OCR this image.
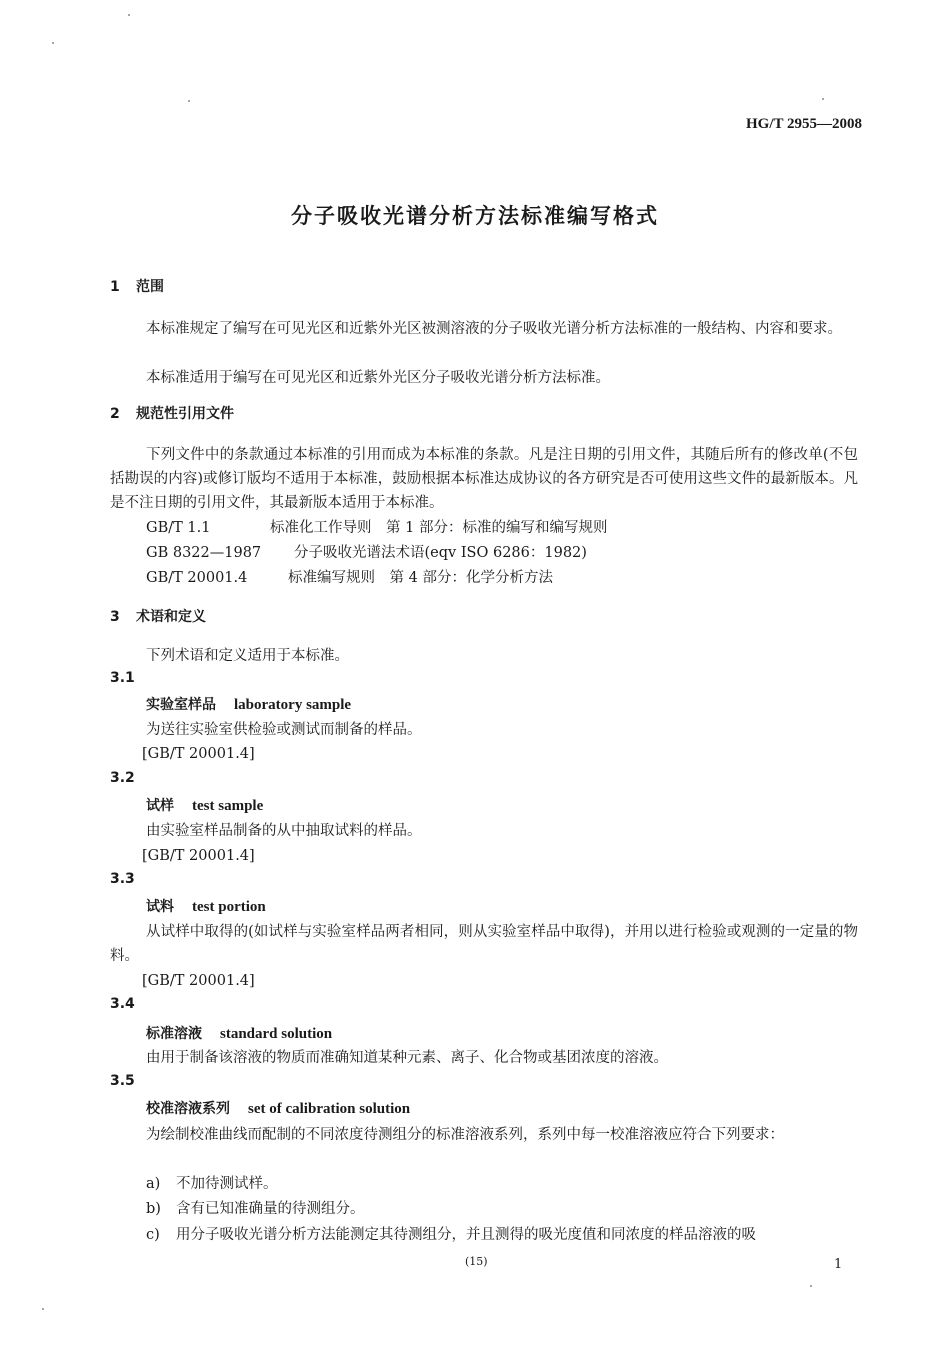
HG/T 2955—2008
分子吸收光谱分析方法标准编写格式
1 范围
本标准规定了编写在可见光区和近紫外光区被测溶液的分子吸收光谱分析方法标准的一般结构、内容和要求。
本标准适用于编写在可见光区和近紫外光区分子吸收光谱分析方法标准。
2 规范性引用文件
下列文件中的条款通过本标准的引用而成为本标准的条款。凡是注日期的引用文件，其随后所有的修改单(不包括勘误的内容)或修订版均不适用于本标准，鼓励根据本标准达成协议的各方研究是否可使用这些文件的最新版本。凡是不注日期的引用文件，其最新版本适用于本标准。
GB/T 1.1	标准化工作导则　第 1 部分：标准的编写和编写规则
GB 8322—1987 分子吸收光谱法术语(eqv ISO 6286：1982)
GB/T 20001.4	标准编写规则　第 4 部分：化学分析方法
3 术语和定义
下列术语和定义适用于本标准。
3.1
实验室样品 laboratory sample
为送往实验室供检验或测试而制备的样品。
[GB/T 20001.4]
3.2
试样 test sample
由实验室样品制备的从中抽取试料的样品。
[GB/T 20001.4]
3.3
试料 test portion
从试样中取得的(如试样与实验室样品两者相同，则从实验室样品中取得)，并用以进行检验或观测的一定量的物料。
[GB/T 20001.4]
3.4
标准溶液 standard solution
由用于制备该溶液的物质而准确知道某种元素、离子、化合物或基团浓度的溶液。
3.5
校准溶液系列 set of calibration solution
为绘制校准曲线而配制的不同浓度待测组分的标准溶液系列，系列中每一校准溶液应符合下列要求：
a) 不加待测试样。
b) 含有已知准确量的待测组分。
c) 用分子吸收光谱分析方法能测定其待测组分，并且测得的吸光度值和同浓度的样品溶液的吸
(15)	1
